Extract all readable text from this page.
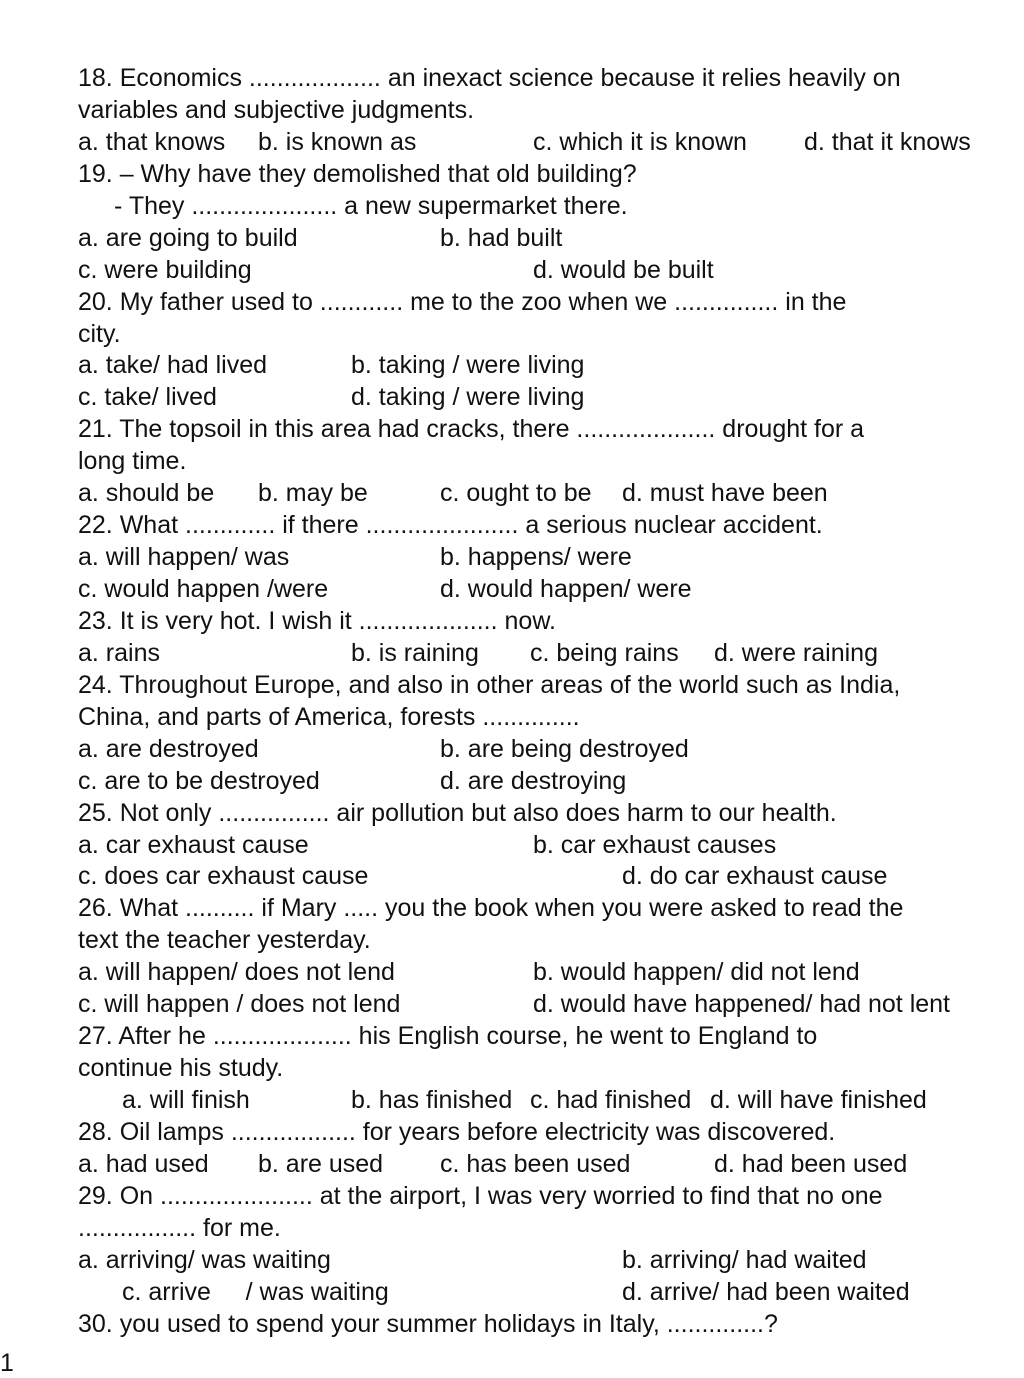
18. Economics ................... an inexact science because it relies heavily on
variables and subjective judgments.
a. that knows b. is known as	c. which it is known d. that it knows
19. – Why have they demolished that old building?
- They ..................... a new supermarket there.
a. are going to build	b. had built
c. were building	d. would be built
20. My father used to ............ me to the zoo when we ............... in the
city.
a. take/ had lived	b. taking / were living
c. take/ lived	d. taking / were living
21. The topsoil in this area had cracks, there .................... drought for a
long time.
a. should be b. may be	c. ought to be d. must have been
22. What ............. if there ...................... a serious nuclear accident.
a. will happen/ was	b. happens/ were
c. would happen /were	d. would happen/ were
23. It is very hot. I wish it .................... now.
a. rains	b. is raining c. being rains d. were raining
24. Throughout Europe, and also in other areas of the world such as India,
China, and parts of America, forests ..............
a. are destroyed	b. are being destroyed
c. are to be destroyed	d. are destroying
25. Not only ................ air pollution but also does harm to our health.
a. car exhaust cause	b. car exhaust causes
c. does car exhaust cause	d. do car exhaust cause
26. What .......... if Mary ..... you the book when you were asked to read the
text the teacher yesterday.
a. will happen/ does not lend	b. would happen/ did not lend
c. will happen / does not lend	d. would have happened/ had not lent
27. After he .................... his English course, he went to England to
continue his study.
a. will finish	b. has finished c. had finished d. will have finished
28. Oil lamps .................. for years before electricity was discovered.
a. had used b. are used c. has been used	d. had been used
29. On ...................... at the airport, I was very worried to find that no one
................. for me.
a. arriving/ was waiting	b. arriving/ had waited
c. arrive     / was waiting	d. arrive/ had been waited
30. you used to spend your summer holidays in Italy, ..............?
1
